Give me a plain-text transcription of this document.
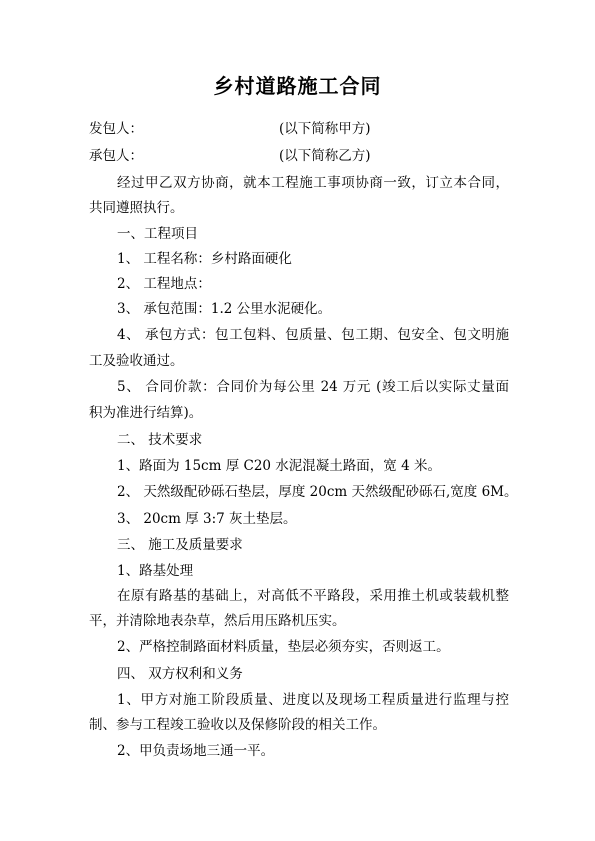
乡村道路施工合同
发包人：	(以下简称甲方)
承包人：	(以下简称乙方)
经过甲乙双方协商，就本工程施工事项协商一致，订立本合同，
共同遵照执行。
一、工程项目
1、 工程名称：乡村路面硬化
2、 工程地点：
3、 承包范围：1.2 公里水泥硬化。
4、 承包方式：包工包料、包质量、包工期、包安全、包文明施
工及验收通过。
5、 合同价款：合同价为每公里 24 万元 (竣工后以实际丈量面
积为准进行结算)。
二、 技术要求
1、路面为 15cm 厚 C20 水泥混凝土路面，宽 4 米。
2、 天然级配砂砾石垫层，厚度 20cm 天然级配砂砾石,宽度 6M。
3、 20cm 厚 3:7 灰土垫层。
三、 施工及质量要求
1、路基处理
在原有路基的基础上，对高低不平路段，采用推土机或装载机整
平，并清除地表杂草，然后用压路机压实。
2、严格控制路面材料质量，垫层必须夯实，否则返工。
四、 双方权利和义务
1、甲方对施工阶段质量、进度以及现场工程质量进行监理与控
制、参与工程竣工验收以及保修阶段的相关工作。
2、甲负责场地三通一平。
